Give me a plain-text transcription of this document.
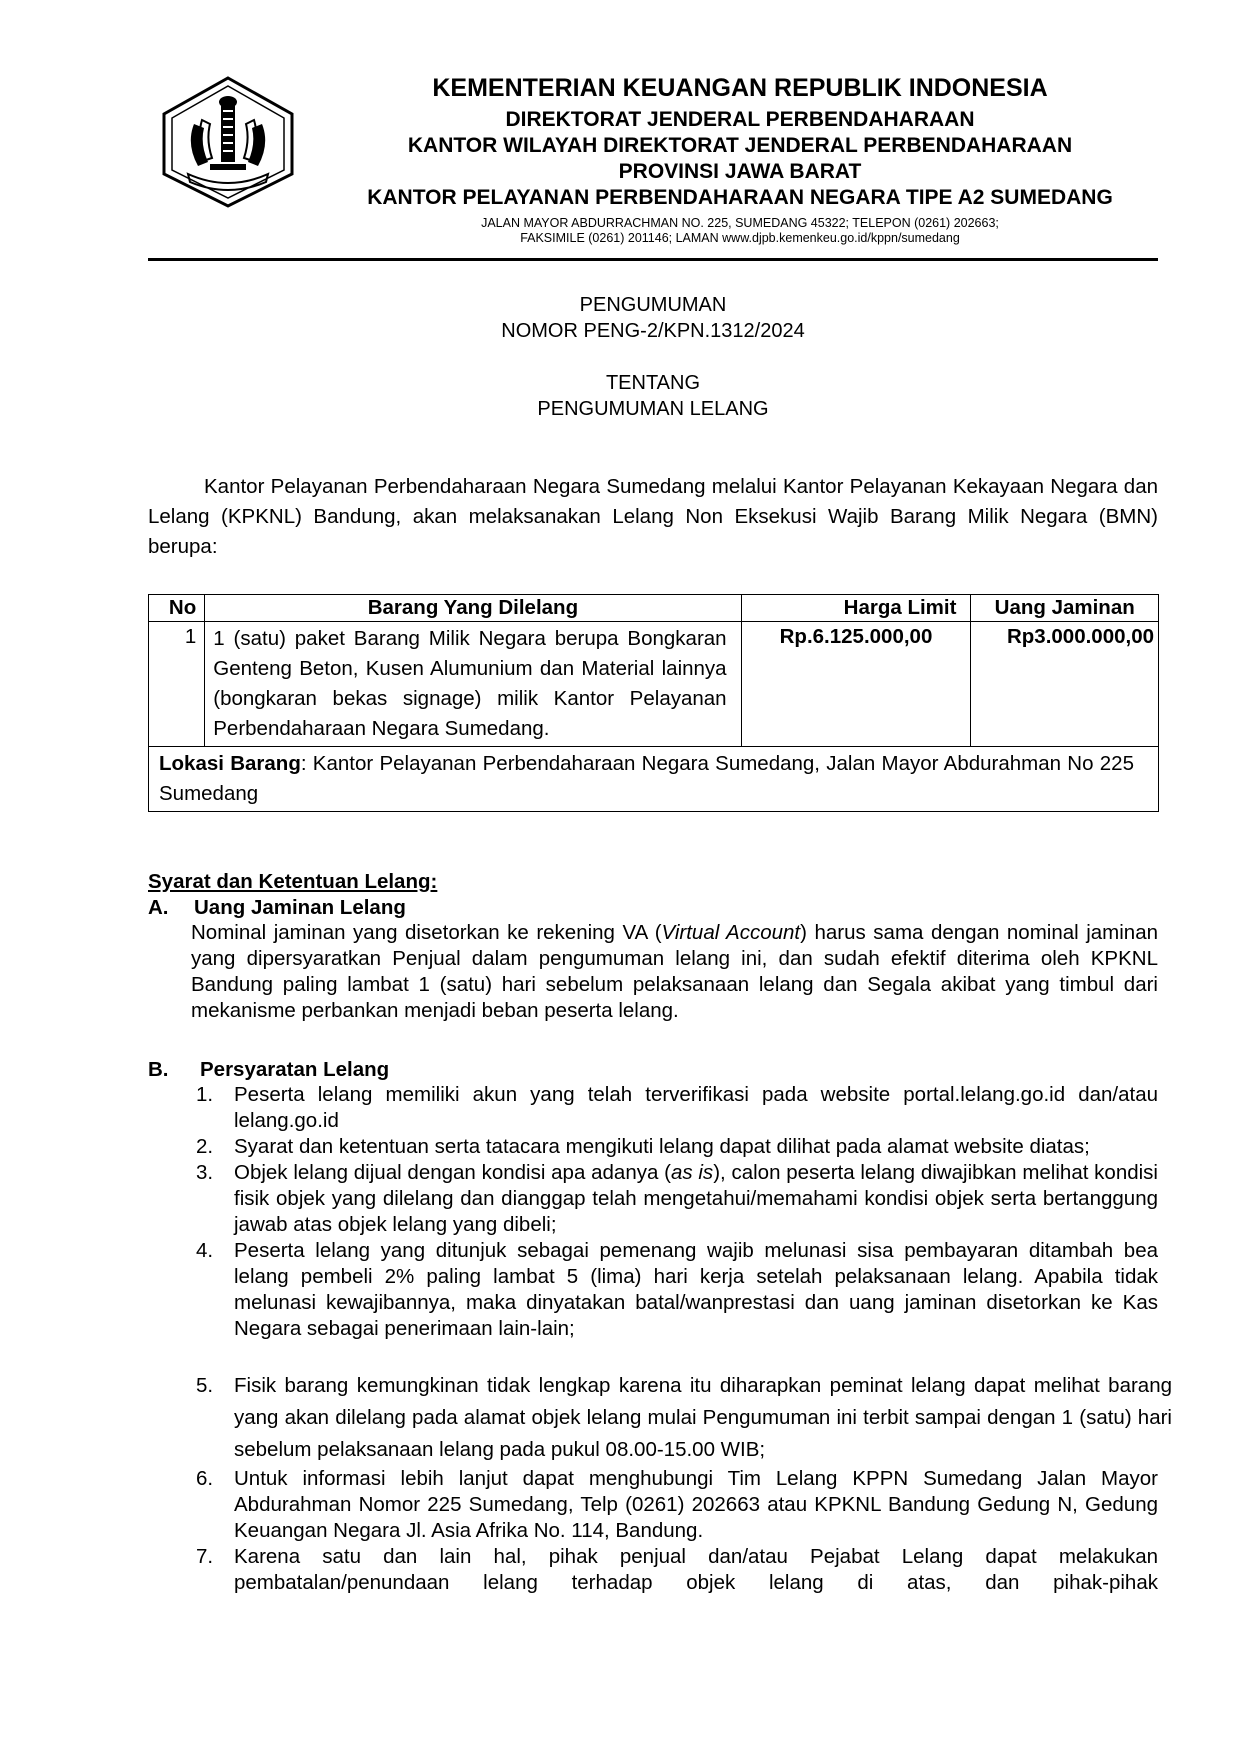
KEMENTERIAN KEUANGAN REPUBLIK INDONESIA
DIREKTORAT JENDERAL PERBENDAHARAAN
KANTOR WILAYAH DIREKTORAT JENDERAL PERBENDAHARAAN
PROVINSI JAWA BARAT
KANTOR PELAYANAN PERBENDAHARAAN NEGARA TIPE A2 SUMEDANG
JALAN MAYOR ABDURRACHMAN NO. 225, SUMEDANG 45322; TELEPON (0261) 202663;
FAKSIMILE (0261) 201146; LAMAN www.djpb.kemenkeu.go.id/kppn/sumedang
PENGUMUMAN
NOMOR PENG-2/KPN.1312/2024
TENTANG
PENGUMUMAN LELANG

Kantor Pelayanan Perbendaharaan Negara Sumedang melalui Kantor Pelayanan Kekayaan Negara dan Lelang (KPKNL) Bandung, akan melaksanakan Lelang Non Eksekusi Wajib Barang Milik Negara (BMN) berupa:

No	Barang Yang Dilelang	Harga Limit	Uang Jaminan
1	1 (satu) paket Barang Milik Negara berupa Bongkaran Genteng Beton, Kusen Alumunium dan Material lainnya (bongkaran bekas signage) milik Kantor Pelayanan Perbendaharaan Negara Sumedang.	Rp.6.125.000,00	Rp3.000.000,00
Lokasi Barang: Kantor Pelayanan Perbendaharaan Negara Sumedang, Jalan Mayor Abdurahman No 225 Sumedang			
Syarat dan Ketentuan Lelang:
A. Uang Jaminan Lelang

Nominal jaminan yang disetorkan ke rekening VA (Virtual Account) harus sama dengan nominal jaminan yang dipersyaratkan Penjual dalam pengumuman lelang ini, dan sudah efektif diterima oleh KPKNL Bandung paling lambat 1 (satu) hari sebelum pelaksanaan lelang dan Segala akibat yang timbul dari mekanisme perbankan menjadi beban peserta lelang.

B. Persyaratan Lelang
1. Peserta lelang memiliki akun yang telah terverifikasi pada website portal.lelang.go.id dan/atau lelang.go.id
2. Syarat dan ketentuan serta tatacara mengikuti lelang dapat dilihat pada alamat website diatas;
3. Objek lelang dijual dengan kondisi apa adanya (as is), calon peserta lelang diwajibkan melihat kondisi fisik objek yang dilelang dan dianggap telah mengetahui/memahami kondisi objek serta bertanggung jawab atas objek lelang yang dibeli;
4. Peserta lelang yang ditunjuk sebagai pemenang wajib melunasi sisa pembayaran ditambah bea lelang pembeli 2% paling lambat 5 (lima) hari kerja setelah pelaksanaan lelang. Apabila tidak melunasi kewajibannya, maka dinyatakan batal/wanprestasi dan uang jaminan disetorkan ke Kas Negara sebagai penerimaan lain-lain;
5. Fisik barang kemungkinan tidak lengkap karena itu diharapkan peminat lelang dapat melihat barang yang akan dilelang pada alamat objek lelang mulai Pengumuman ini terbit sampai dengan 1 (satu) hari sebelum pelaksanaan lelang pada pukul 08.00-15.00 WIB;
6. Untuk informasi lebih lanjut dapat menghubungi Tim Lelang KPPN Sumedang Jalan Mayor Abdurahman Nomor 225 Sumedang, Telp (0261) 202663 atau KPKNL Bandung Gedung N, Gedung Keuangan Negara Jl. Asia Afrika No. 114, Bandung.
7. Karena satu dan lain hal, pihak penjual dan/atau Pejabat Lelang dapat melakukan pembatalan/penundaan lelang terhadap objek lelang di atas, dan pihak-pihak
